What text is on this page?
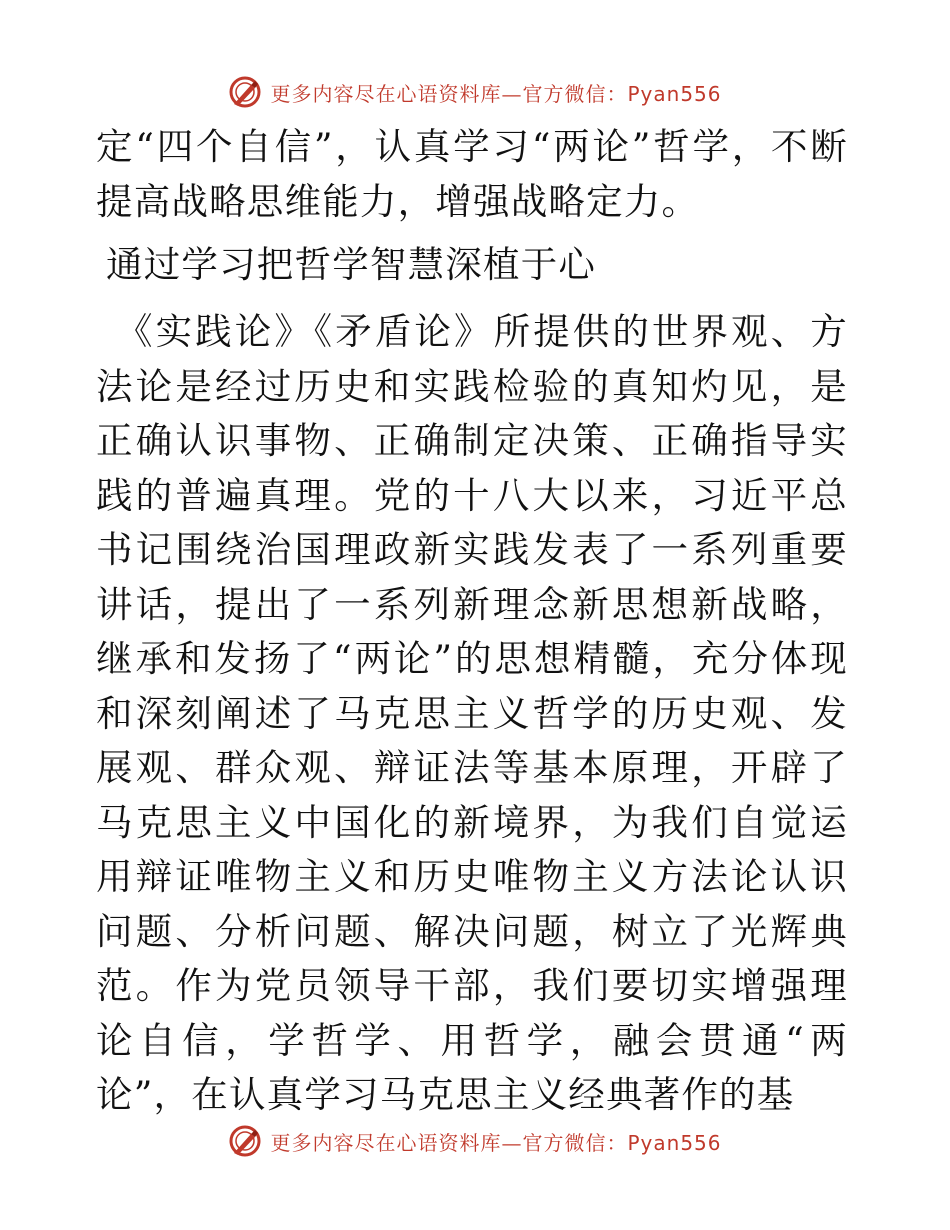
更多内容尽在心语资料库—官方微信：Pyan556

定“四个自信”，认真学习“两论”哲学，不断提高战略思维能力，增强战略定力。

通过学习把哲学智慧深植于心

《实践论》《矛盾论》所提供的世界观、方法论是经过历史和实践检验的真知灼见，是正确认识事物、正确制定决策、正确指导实践的普遍真理。党的十八大以来，习近平总书记围绕治国理政新实践发表了一系列重要讲话，提出了一系列新理念新思想新战略，继承和发扬了“两论”的思想精髓，充分体现和深刻阐述了马克思主义哲学的历史观、发展观、群众观、辩证法等基本原理，开辟了马克思主义中国化的新境界，为我们自觉运用辩证唯物主义和历史唯物主义方法论认识问题、分析问题、解决问题，树立了光辉典范。作为党员领导干部，我们要切实增强理论自信，学哲学、用哲学，融会贯通“两论”，在认真学习马克思主义经典著作的基

更多内容尽在心语资料库—官方微信：Pyan556
